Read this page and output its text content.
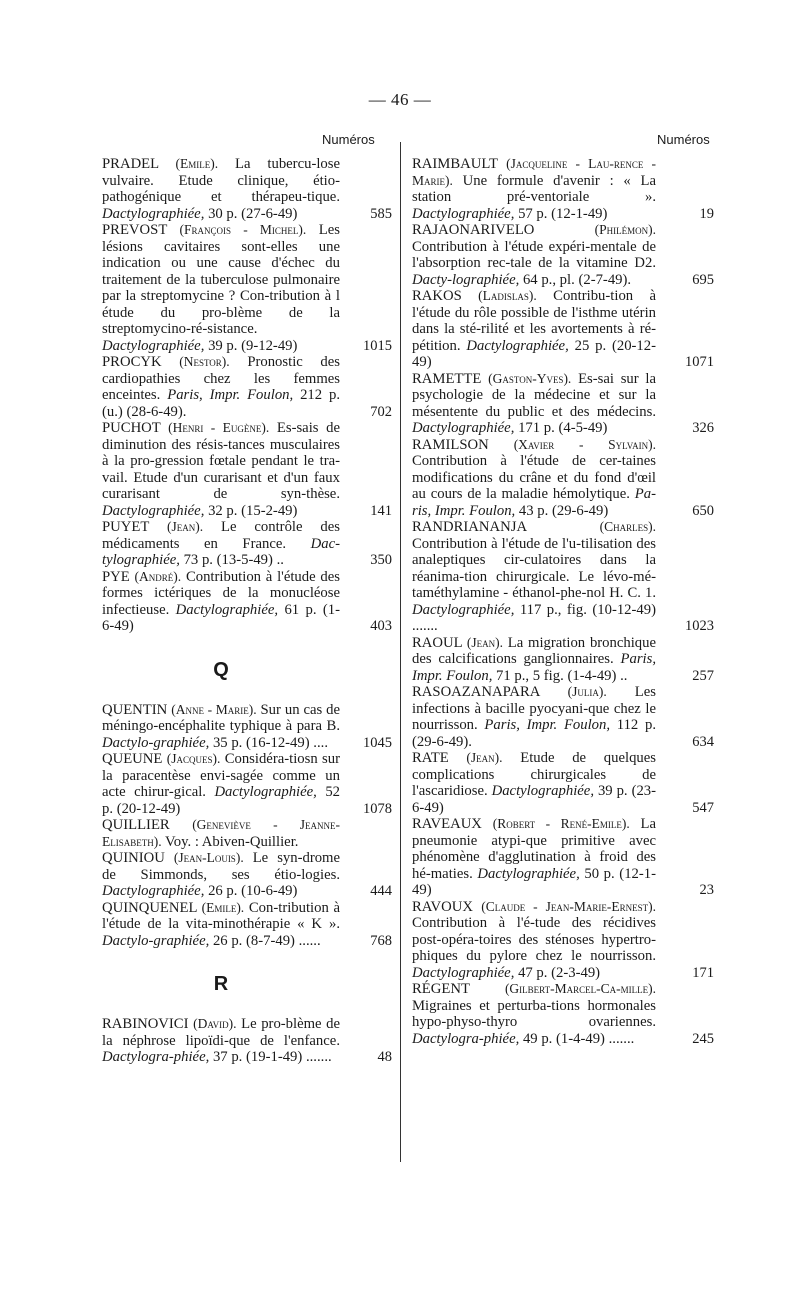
— 46 —
Numéros	Numéros

PRADEL (Emile). La tubercu-lose vulvaire. Etude clinique, étio-pathogénique et thérapeu-tique. Dactylographiée, 30 p. (27-6-49)	585

PREVOST (François - Michel). Les lésions cavitaires sont-elles une indication ou une cause d'échec du traitement de la tuberculose pulmonaire par la streptomycine ? Con-tribution à l étude du pro-blème de la streptomycino-ré-sistance. Dactylographiée, 39 p. (9-12-49)	1015

PROCYK (Nestor). Pronostic des cardiopathies chez les femmes enceintes. Paris, Impr. Foulon, 212 p. (u.) (28-6-49).	702

PUCHOT (Henri - Eugène). Es-sais de diminution des résis-tances musculaires à la pro-gression fœtale pendant le tra-vail. Etude d'un curarisant et d'un faux curarisant de syn-thèse. Dactylographiée, 32 p. (15-2-49)	141

PUYET (Jean). Le contrôle des médicaments en France. Dac-tylographiée, 73 p. (13-5-49) ..	350

PYE (André). Contribution à l'étude des formes ictériques de la monucléose infectieuse. Dactylographiée, 61 p. (1-6-49)	403

Q

QUENTIN (Anne - Marie). Sur un cas de méningo-encéphalite typhique à para B. Dactylo-graphiée, 35 p. (16-12-49) .... 1045

QUEUNE (Jacques). Considéra-tiosn sur la paracentèse envi-sagée comme un acte chirur-gical. Dactylographiée, 52 p. (20-12-49)	1078

QUILLIER (Geneviève - Jeanne-Elisabeth). Voy. : Abiven-Quillier.

QUINIOU (Jean-Louis). Le syn-drome de Simmonds, ses étio-logies. Dactylographiée, 26 p. (10-6-49)	444

QUINQUENEL (Emile). Con-tribution à l'étude de la vita-minothérapie « K ». Dactylo-graphiée, 26 p. (8-7-49) ......	768

R

RABINOVICI (David). Le pro-blème de la néphrose lipoïdi-que de l'enfance. Dactylogra-phiée, 37 p. (19-1-49) .......	48

RAIMBAULT (Jacqueline - Lau-rence - Marie). Une formule d'avenir : « La station pré-ventoriale ». Dactylographiée, 57 p. (12-1-49)	19

RAJAONARIVELO	(Philémon). Contribution à l'étude expéri-mentale de l'absorption rec-tale de la vitamine D2. Dacty-lographiée, 64 p., pl. (2-7-49).	695

RAKOS (Ladislas). Contribu-tion à l'étude du rôle possible de l'isthme utérin dans la sté-rilité et les avortements à ré-pétition. Dactylographiée, 25 p. (20-12-49)	1071

RAMETTE (Gaston-Yves). Es-sai sur la psychologie de la médecine et sur la mésentente du public et des médecins. Dactylographiée, 171 p. (4-5-49)	326

RAMILSON (Xavier - Sylvain). Contribution à l'étude de cer-taines modifications du crâne et du fond d'œil au cours de la maladie hémolytique. Pa-ris, Impr. Foulon, 43 p. (29-6-49)	650

RANDRIANANJA	(Charles). Contribution à l'étude de l'u-tilisation des analeptiques cir-culatoires dans la réanima-tion chirurgicale. Le lévo-mé-taméthylamine - éthanol-phe-nol H. C. 1. Dactylographiée, 117 p., fig. (10-12-49) .......	1023

RAOUL (Jean). La migration bronchique des calcifications ganglionnaires. Paris, Impr. Foulon, 71 p., 5 fig. (1-4-49) ..	257

RASOAZANAPARA (Julia). Les infections à bacille pyocyani-que chez le nourrisson. Paris, Impr. Foulon, 112 p. (29-6-49).	634

RATE (Jean). Etude de quelques complications chirurgicales de l'ascaridiose. Dactylographiée, 39 p. (23-6-49)	547

RAVEAUX (Robert - René-Emile). La pneumonie atypi-que primitive avec phénomène d'agglutination à froid des hé-maties. Dactylographiée, 50 p. (12-1-49)	23

RAVOUX (Claude - Jean-Marie-Ernest). Contribution à l'é-tude des récidives post-opéra-toires des sténoses hypertro-phiques du pylore chez le nourrisson. Dactylographiée, 47 p. (2-3-49)	171

RÉGENT	(Gilbert-Marcel-Ca-mille). Migraines et perturba-tions hormonales hypo-physo-thyro ovariennes. Dactylogra-phiée, 49 p. (1-4-49) .......	245
